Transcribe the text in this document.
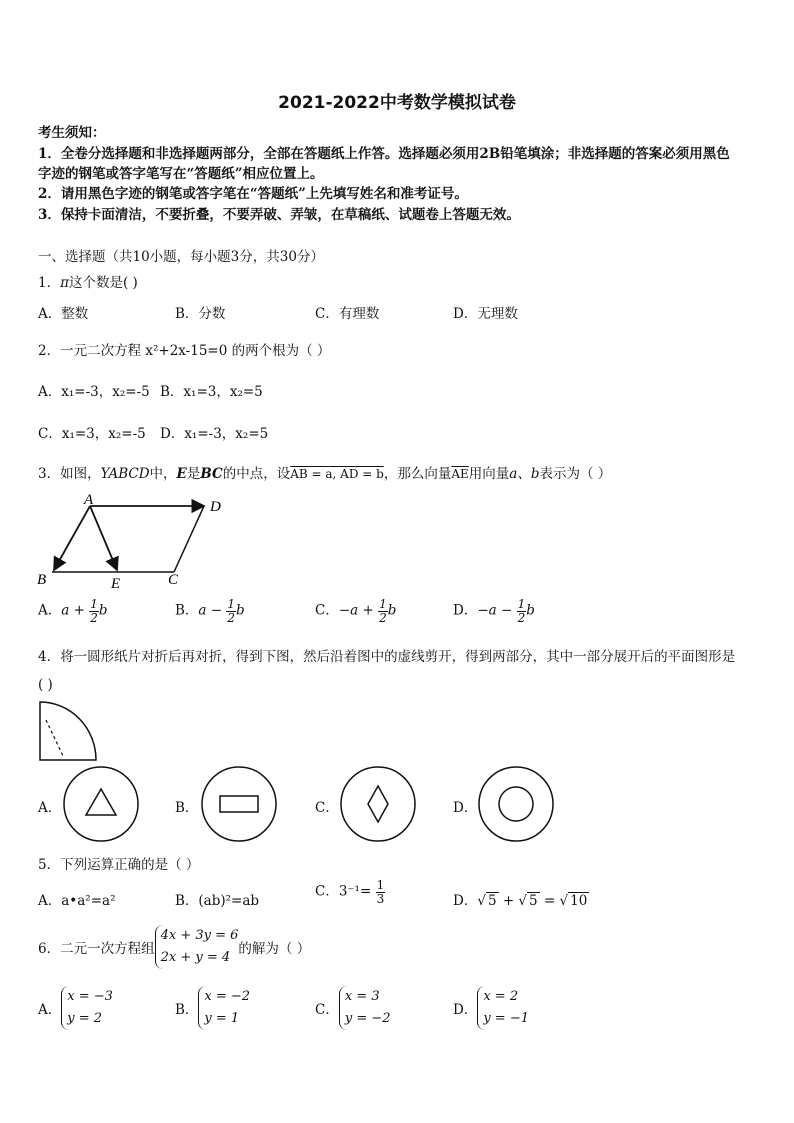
2021-2022中考数学模拟试卷
考生须知：
1．全卷分选择题和非选择题两部分，全部在答题纸上作答。选择题必须用2B铅笔填涂；非选择题的答案必须用黑色
字迹的钢笔或答字笔写在“答题纸”相应位置上。
2．请用黑色字迹的钢笔或答字笔在“答题纸”上先填写姓名和准考证号。
3．保持卡面清洁，不要折叠，不要弄破、弄皱，在草稿纸、试题卷上答题无效。
一、选择题（共10小题，每小题3分，共30分）
1．π这个数是( )
A．整数	B．分数	C．有理数	D．无理数
2．一元二次方程 x²+2x-15=0 的两个根为（ ）
A．x₁=-3，x₂=-5 B．x₁=3，x₂=5
C．x₁=3，x₂=-5 D．x₁=-3，x₂=5
3．如图，YABCD中，E是BC的中点，设AB = a, AD = b，那么向量$\overline{AE}$用向量a、b表示为（ ）
A	D
B	E	C
A．$a + \frac{1}{2}$ b	B．$a - \frac{1}{2}$ b	C．$-a + \frac{1}{2}$ b	D．$-a - \frac{1}{2}$ b
4．将一圆形纸片对折后再对折，得到下图，然后沿着图中的虚线剪开，得到两部分，其中一部分展开后的平面图形是
( )
A．	B．	C．	D．
5．下列运算正确的是（ ）
A．a•a²=a²	B．(ab)²=ab
C．$3^{-1}= \frac{1}{3}$	D．√ 5 + √ 5 = √ 10
6．二元一次方程组
4x + 3y = 6
2x + y = 4
的解为（ ）
A．
x = −3
y = 2
B．
x = −2
y = 1
C．
x = 3
y = −2
D．
x = 2
y = −1
